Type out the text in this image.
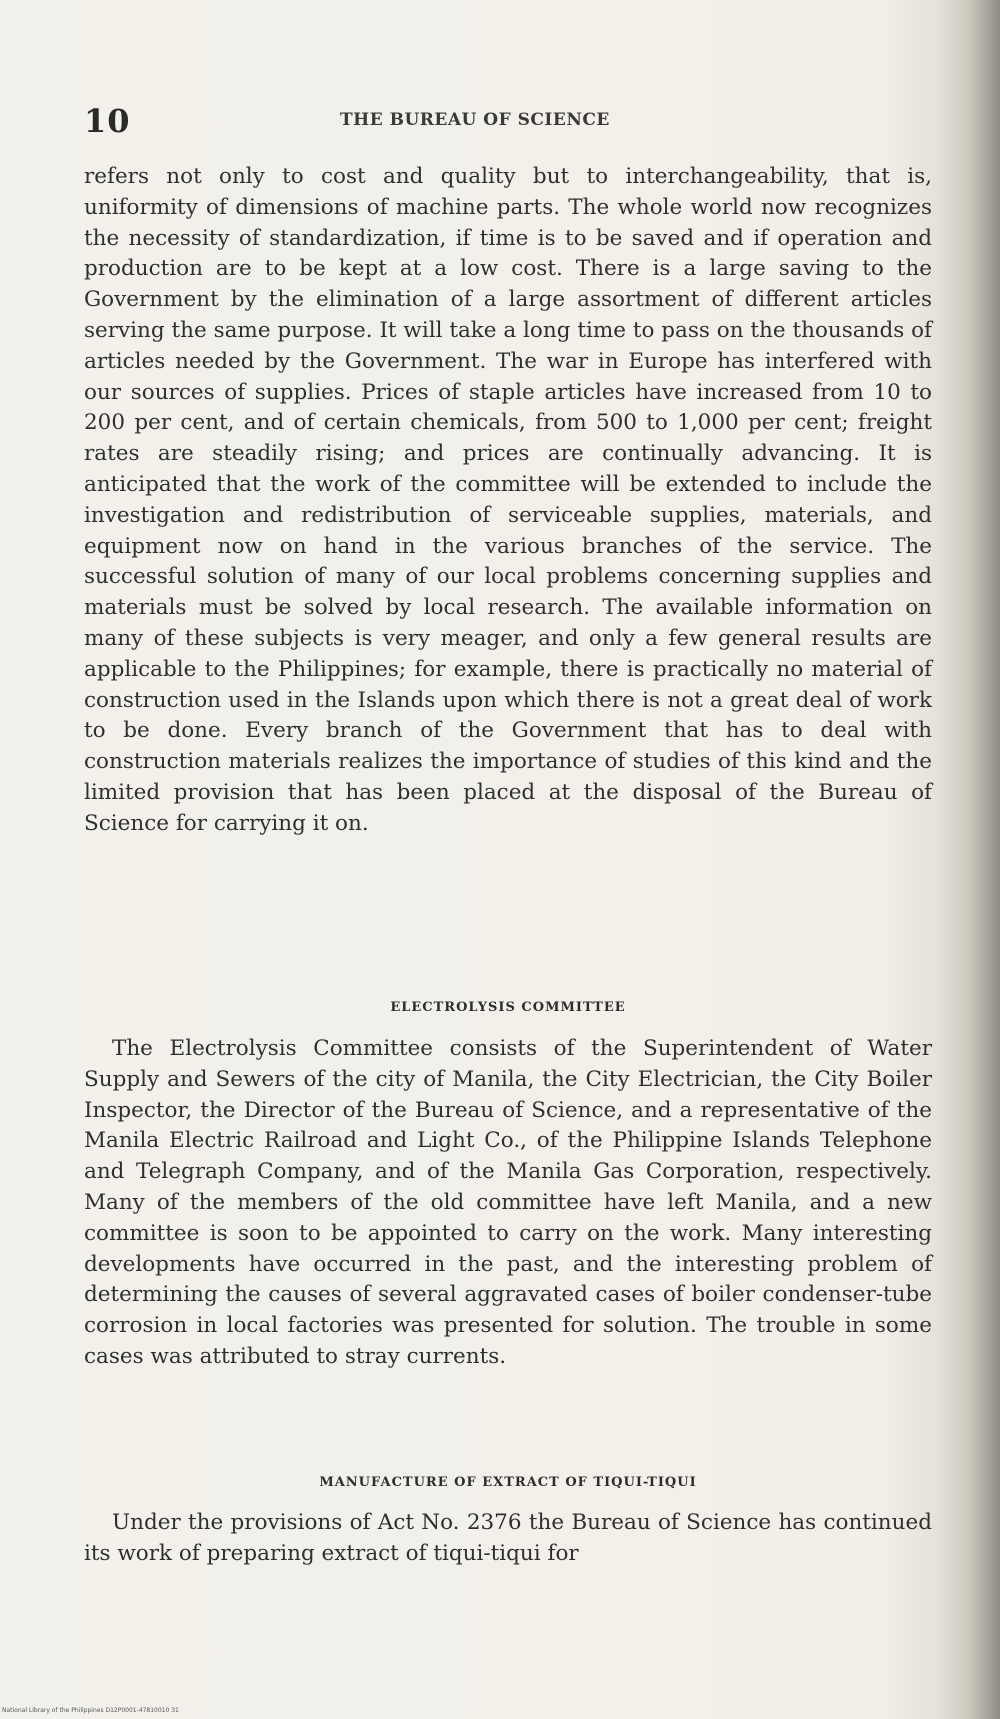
10	THE BUREAU OF SCIENCE

refers not only to cost and quality but to interchangeability, that is, uniformity of dimensions of machine parts. The whole world now recognizes the necessity of standardization, if time is to be saved and if operation and production are to be kept at a low cost. There is a large saving to the Government by the elimination of a large assortment of different articles serving the same purpose. It will take a long time to pass on the thousands of articles needed by the Government. The war in Europe has interfered with our sources of supplies. Prices of staple articles have increased from 10 to 200 per cent, and of certain chemicals, from 500 to 1,000 per cent; freight rates are steadily rising; and prices are continually advancing. It is anticipated that the work of the committee will be extended to include the investigation and redistribution of serviceable supplies, materials, and equipment now on hand in the various branches of the service. The successful solution of many of our local problems concerning supplies and materials must be solved by local research. The available information on many of these subjects is very meager, and only a few general results are applicable to the Philippines; for example, there is practically no material of construction used in the Islands upon which there is not a great deal of work to be done. Every branch of the Government that has to deal with construction materials realizes the importance of studies of this kind and the limited provision that has been placed at the disposal of the Bureau of Science for carrying it on.

ELECTROLYSIS COMMITTEE

The Electrolysis Committee consists of the Superintendent of Water Supply and Sewers of the city of Manila, the City Electrician, the City Boiler Inspector, the Director of the Bureau of Science, and a representative of the Manila Electric Railroad and Light Co., of the Philippine Islands Telephone and Telegraph Company, and of the Manila Gas Corporation, respectively. Many of the members of the old committee have left Manila, and a new committee is soon to be appointed to carry on the work. Many interesting developments have occurred in the past, and the interesting problem of determining the causes of several aggravated cases of boiler condenser-tube corrosion in local factories was presented for solution. The trouble in some cases was attributed to stray currents.

MANUFACTURE OF EXTRACT OF TIQUI-TIQUI

Under the provisions of Act No. 2376 the Bureau of Science has continued its work of preparing extract of tiqui-tiqui for

National Library of the Philippines D12P0001-47810010 31
